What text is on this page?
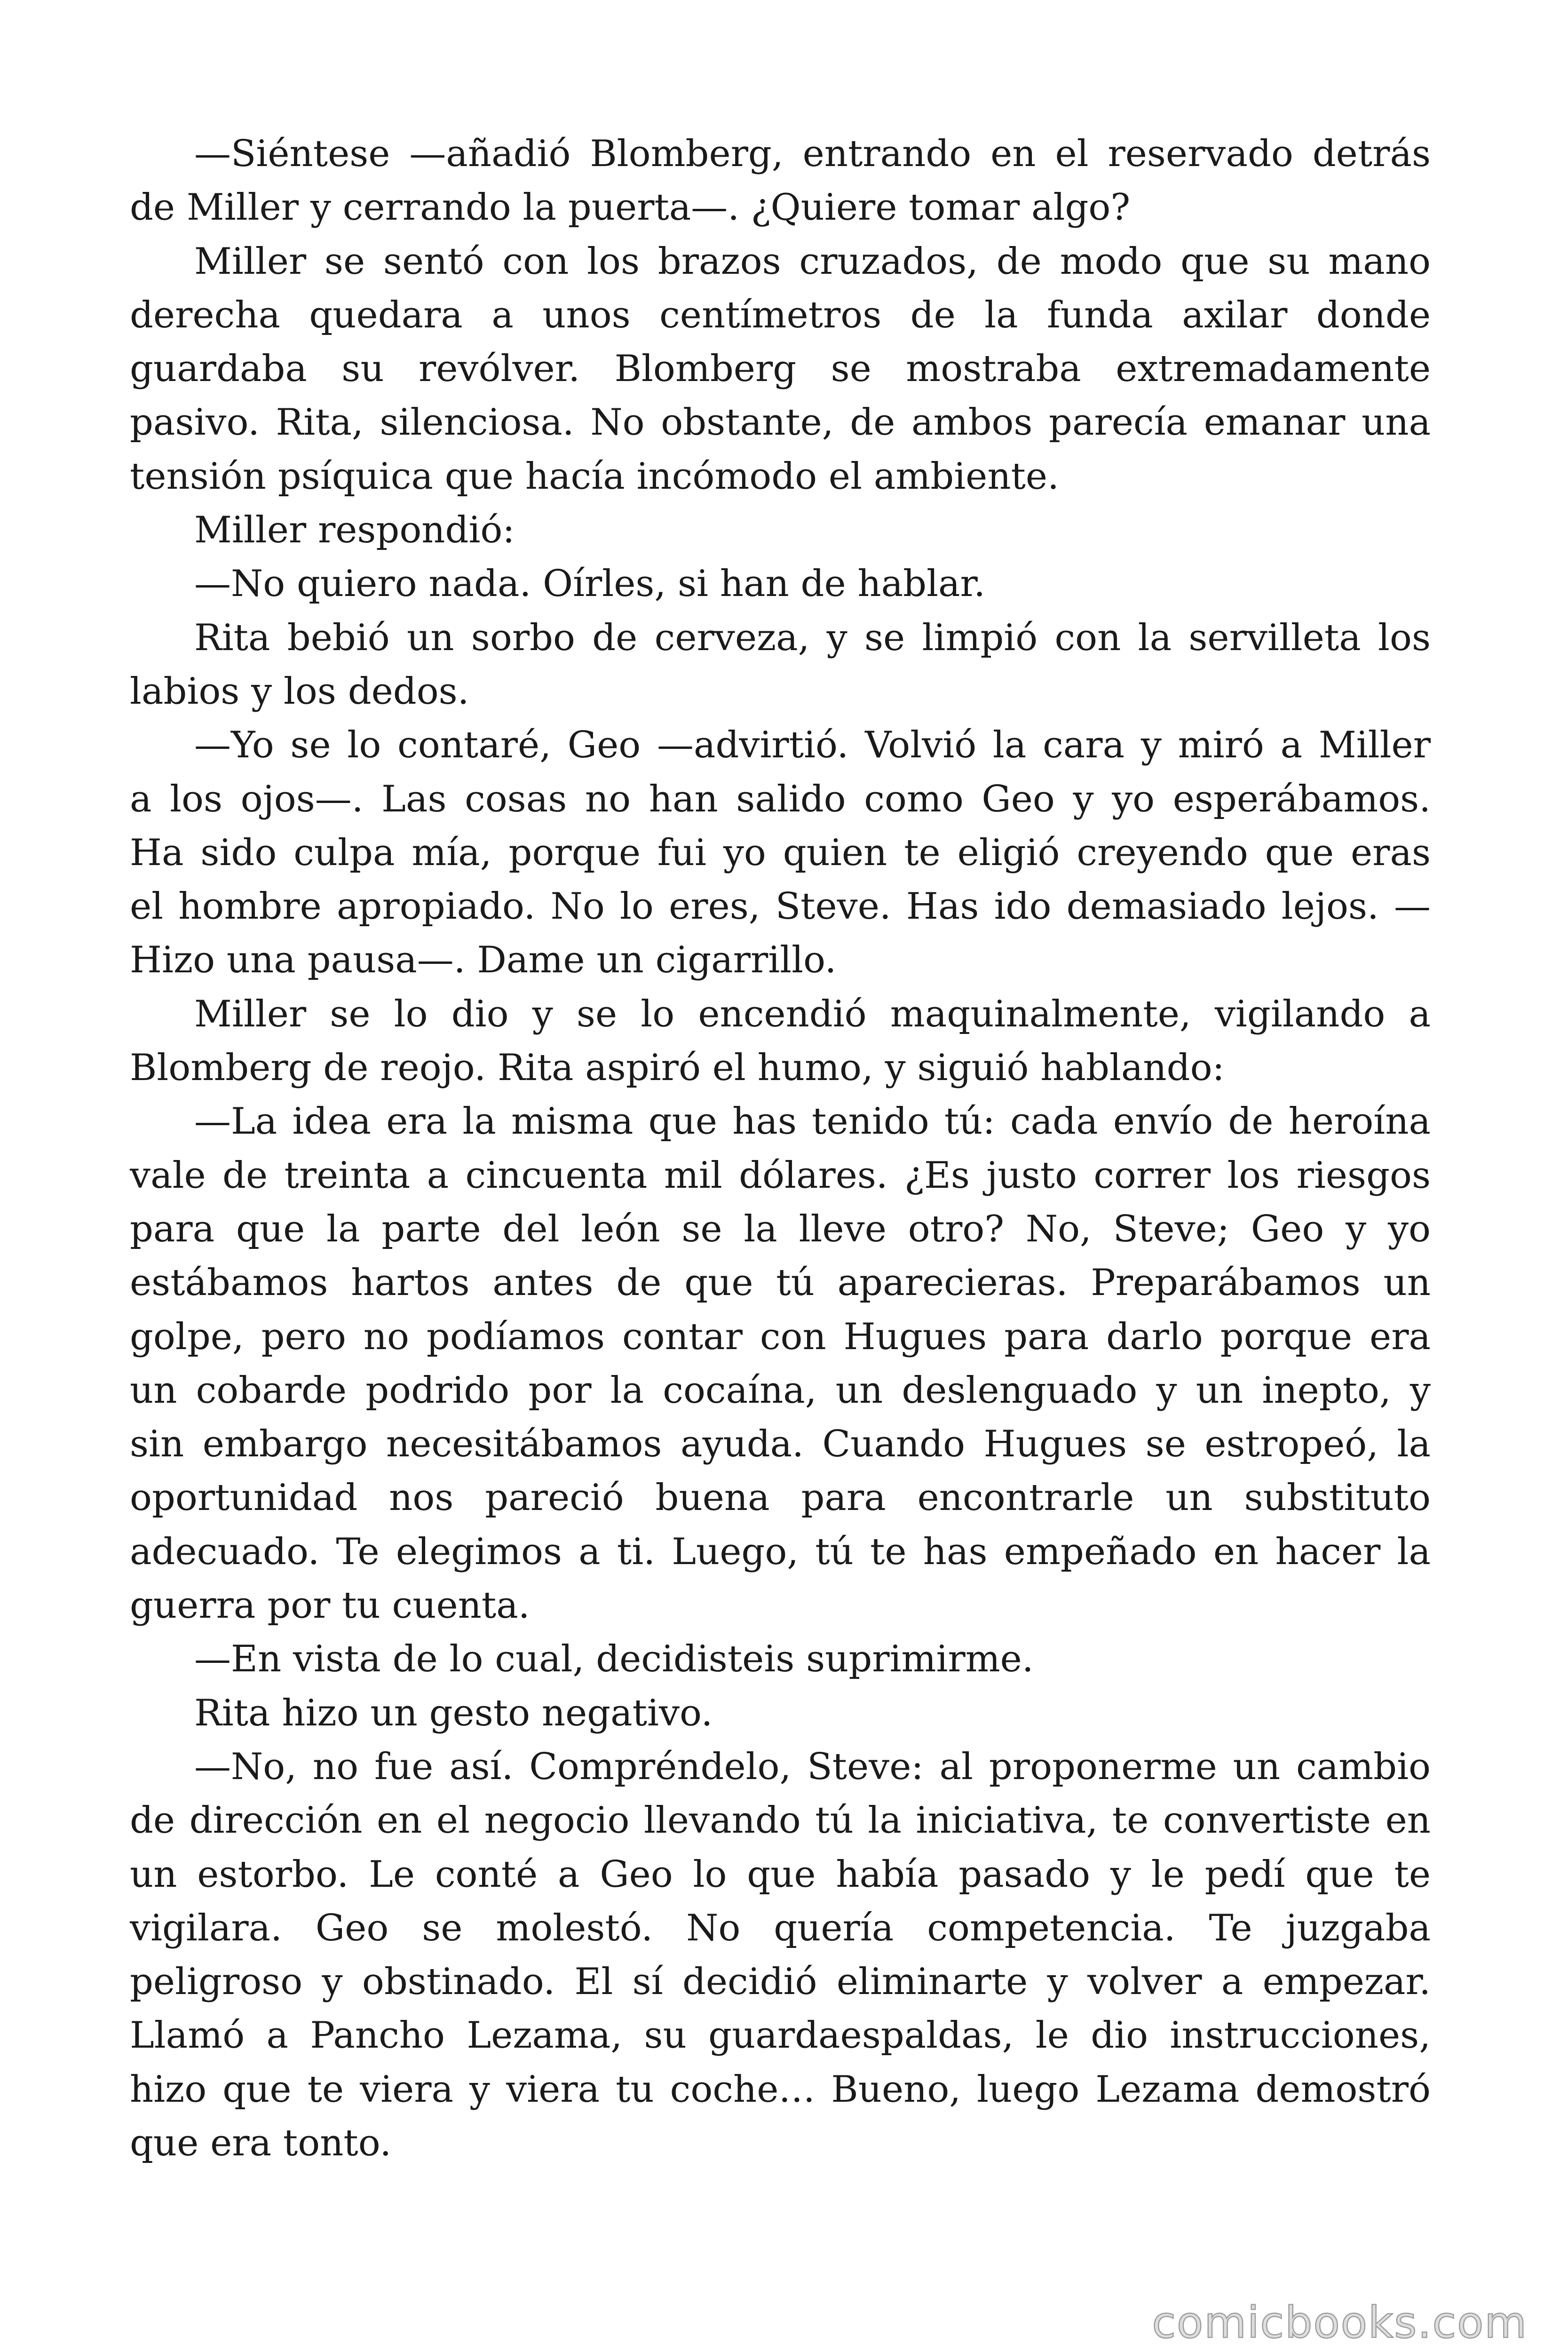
—Siéntese —añadió Blomberg, entrando en el reservado detrás
de Miller y cerrando la puerta—. ¿Quiere tomar algo?
Miller se sentó con los brazos cruzados, de modo que su mano
derecha quedara a unos centímetros de la funda axilar donde
guardaba su revólver. Blomberg se mostraba extremadamente
pasivo. Rita, silenciosa. No obstante, de ambos parecía emanar una
tensión psíquica que hacía incómodo el ambiente.
Miller respondió:
—No quiero nada. Oírles, si han de hablar.
Rita bebió un sorbo de cerveza, y se limpió con la servilleta los
labios y los dedos.
—Yo se lo contaré, Geo —advirtió. Volvió la cara y miró a Miller
a los ojos—. Las cosas no han salido como Geo y yo esperábamos.
Ha sido culpa mía, porque fui yo quien te eligió creyendo que eras
el hombre apropiado. No lo eres, Steve. Has ido demasiado lejos. —
Hizo una pausa—. Dame un cigarrillo.
Miller se lo dio y se lo encendió maquinalmente, vigilando a
Blomberg de reojo. Rita aspiró el humo, y siguió hablando:
—La idea era la misma que has tenido tú: cada envío de heroína
vale de treinta a cincuenta mil dólares. ¿Es justo correr los riesgos
para que la parte del león se la lleve otro? No, Steve; Geo y yo
estábamos hartos antes de que tú aparecieras. Preparábamos un
golpe, pero no podíamos contar con Hugues para darlo porque era
un cobarde podrido por la cocaína, un deslenguado y un inepto, y
sin embargo necesitábamos ayuda. Cuando Hugues se estropeó, la
oportunidad nos pareció buena para encontrarle un substituto
adecuado. Te elegimos a ti. Luego, tú te has empeñado en hacer la
guerra por tu cuenta.
—En vista de lo cual, decidisteis suprimirme.
Rita hizo un gesto negativo.
—No, no fue así. Compréndelo, Steve: al proponerme un cambio
de dirección en el negocio llevando tú la iniciativa, te convertiste en
un estorbo. Le conté a Geo lo que había pasado y le pedí que te
vigilara. Geo se molestó. No quería competencia. Te juzgaba
peligroso y obstinado. El sí decidió eliminarte y volver a empezar.
Llamó a Pancho Lezama, su guardaespaldas, le dio instrucciones,
hizo que te viera y viera tu coche… Bueno, luego Lezama demostró
que era tonto.
comicbooks.com
